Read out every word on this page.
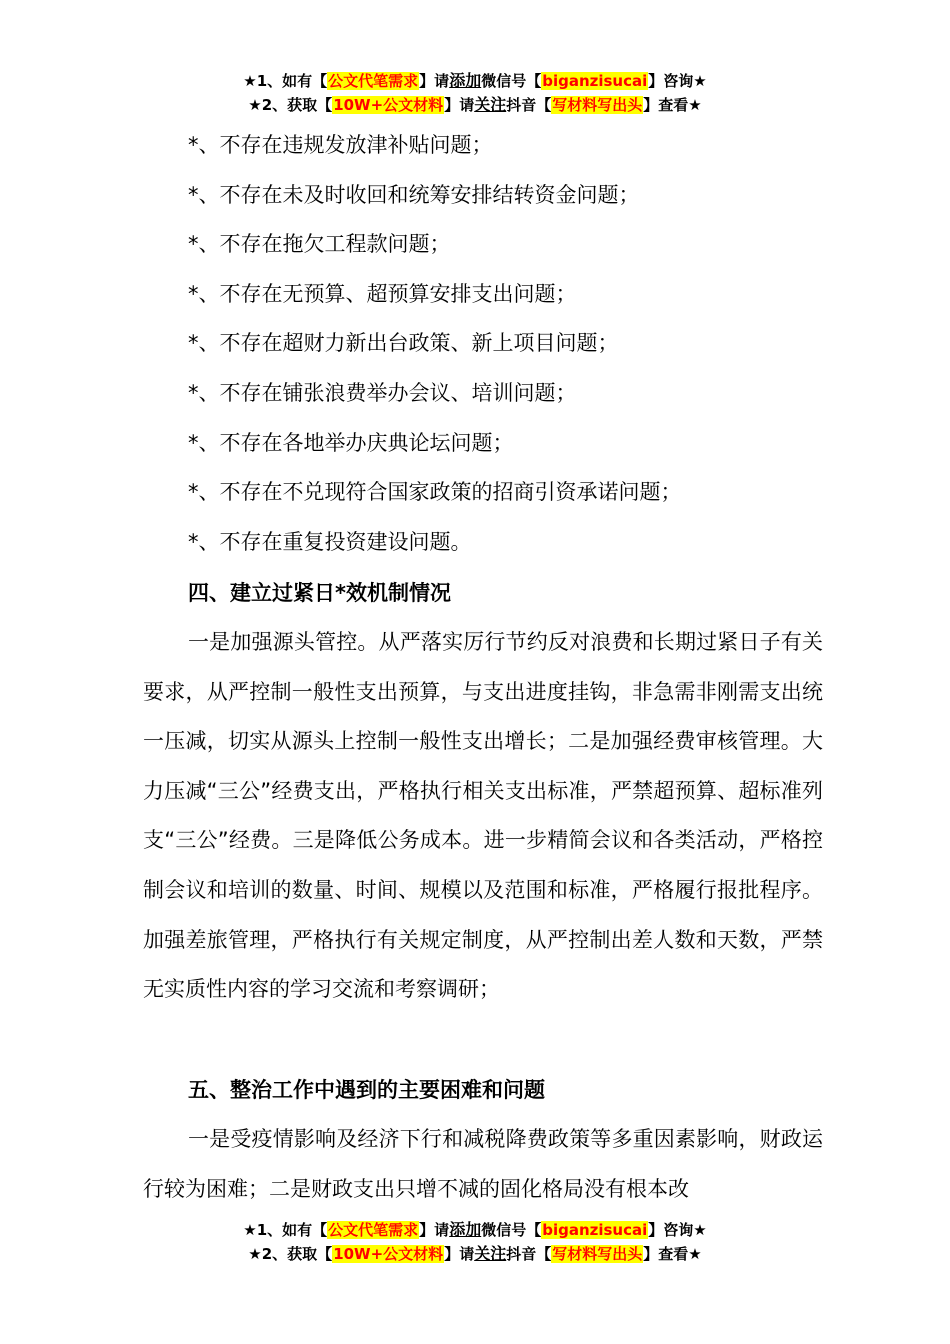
★1、如有【公文代笔需求】请添加微信号【biganzisucai】咨询★
★2、获取【10W+公文材料】请关注抖音【写材料写出头】查看★
*、不存在违规发放津补贴问题；
*、不存在未及时收回和统筹安排结转资金问题；
*、不存在拖欠工程款问题；
*、不存在无预算、超预算安排支出问题；
*、不存在超财力新出台政策、新上项目问题；
*、不存在铺张浪费举办会议、培训问题；
*、不存在各地举办庆典论坛问题；
*、不存在不兑现符合国家政策的招商引资承诺问题；
*、不存在重复投资建设问题。
四、建立过紧日*效机制情况
一是加强源头管控。从严落实厉行节约反对浪费和长期过紧日子有关要求，从严控制一般性支出预算，与支出进度挂钩，非急需非刚需支出统一压减，切实从源头上控制一般性支出增长；二是加强经费审核管理。大力压减“三公”经费支出，严格执行相关支出标准，严禁超预算、超标准列支“三公”经费。三是降低公务成本。进一步精简会议和各类活动，严格控制会议和培训的数量、时间、规模以及范围和标准，严格履行报批程序。加强差旅管理，严格执行有关规定制度，从严控制出差人数和天数，严禁无实质性内容的学习交流和考察调研；
五、整治工作中遇到的主要困难和问题
一是受疫情影响及经济下行和减税降费政策等多重因素影响，财政运行较为困难；二是财政支出只增不减的固化格局没有根本改
★1、如有【公文代笔需求】请添加微信号【biganzisucai】咨询★
★2、获取【10W+公文材料】请关注抖音【写材料写出头】查看★
